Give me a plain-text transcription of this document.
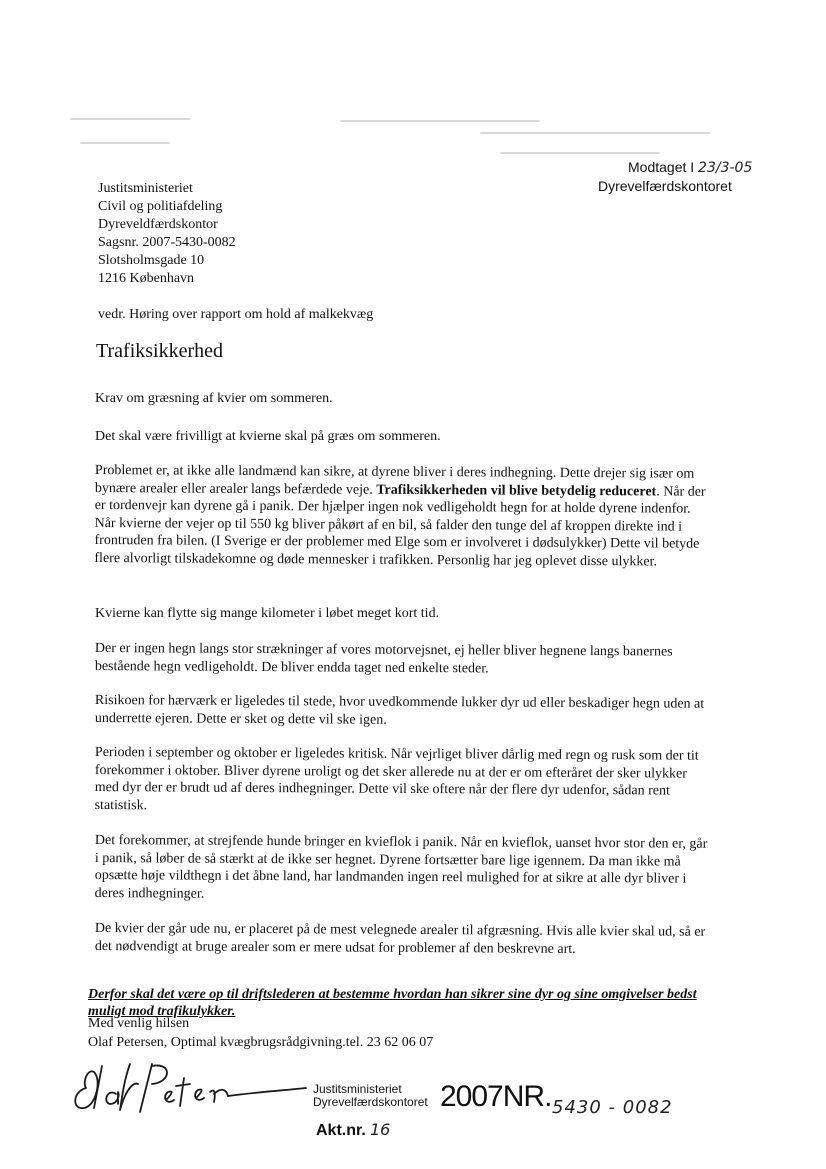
Modtaget I 23/3-05
Dyrevelfærdskontoret
Justitsministeriet
Civil og politiafdeling
Dyreveldfærdskontor
Sagsnr. 2007-5430-0082
Slotsholmsgade 10
1216 København
vedr. Høring over rapport om hold af malkekvæg
Trafiksikkerhed
Krav om græsning af kvier om sommeren.
Det skal være frivilligt at kvierne skal på græs om sommeren.
Problemet er, at ikke alle landmænd kan sikre, at dyrene bliver i deres indhegning. Dette drejer sig især om bynære arealer eller arealer langs befærdede veje. Trafiksikkerheden vil blive betydelig reduceret. Når der er tordenvejr kan dyrene gå i panik. Der hjælper ingen nok vedligeholdt hegn for at holde dyrene indenfor. Når kvierne der vejer op til 550 kg bliver påkørt af en bil, så falder den tunge del af kroppen direkte ind i frontruden fra bilen. (I Sverige er der problemer med Elge som er involveret i dødsulykker) Dette vil betyde flere alvorligt tilskadekomne og døde mennesker i trafikken. Personlig har jeg oplevet disse ulykker.
Kvierne kan flytte sig mange kilometer i løbet meget kort tid.
Der er ingen hegn langs stor strækninger af vores motorvejsnet, ej heller bliver hegnene langs banernes bestående hegn vedligeholdt. De bliver endda taget ned enkelte steder.
Risikoen for hærværk er ligeledes til stede, hvor uvedkommende lukker dyr ud eller beskadiger hegn uden at underrette ejeren. Dette er sket og dette vil ske igen.
Perioden i september og oktober er ligeledes kritisk. Når vejrliget bliver dårlig med regn og rusk som der tit forekommer i oktober. Bliver dyrene uroligt og det sker allerede nu at der er om efteråret der sker ulykker med dyr der er brudt ud af deres indhegninger. Dette vil ske oftere når der flere dyr udenfor, sådan rent statistisk.
Det forekommer, at strejfende hunde bringer en kvieflok i panik. Når en kvieflok, uanset hvor stor den er, går i panik, så løber de så stærkt at de ikke ser hegnet. Dyrene fortsætter bare lige igennem. Da man ikke må opsætte høje vildthegn i det åbne land, har landmanden ingen reel mulighed for at sikre at alle dyr bliver i deres indhegninger.
De kvier der går ude nu, er placeret på de mest velegnede arealer til afgræsning. Hvis alle kvier skal ud, så er det nødvendigt at bruge arealer som er mere udsat for problemer af den beskrevne art.
Derfor skal det være op til driftslederen at bestemme hvordan han sikrer sine dyr og sine omgivelser bedst muligt mod trafikulykker.
Med venlig hilsen
Olaf Petersen, Optimal kvægbrugsrådgivning.tel. 23 62 06 07
Justitsministeriet
Dyrevelfærdskontoret 2007NR. 5430 - 0082
Akt.nr. 16
